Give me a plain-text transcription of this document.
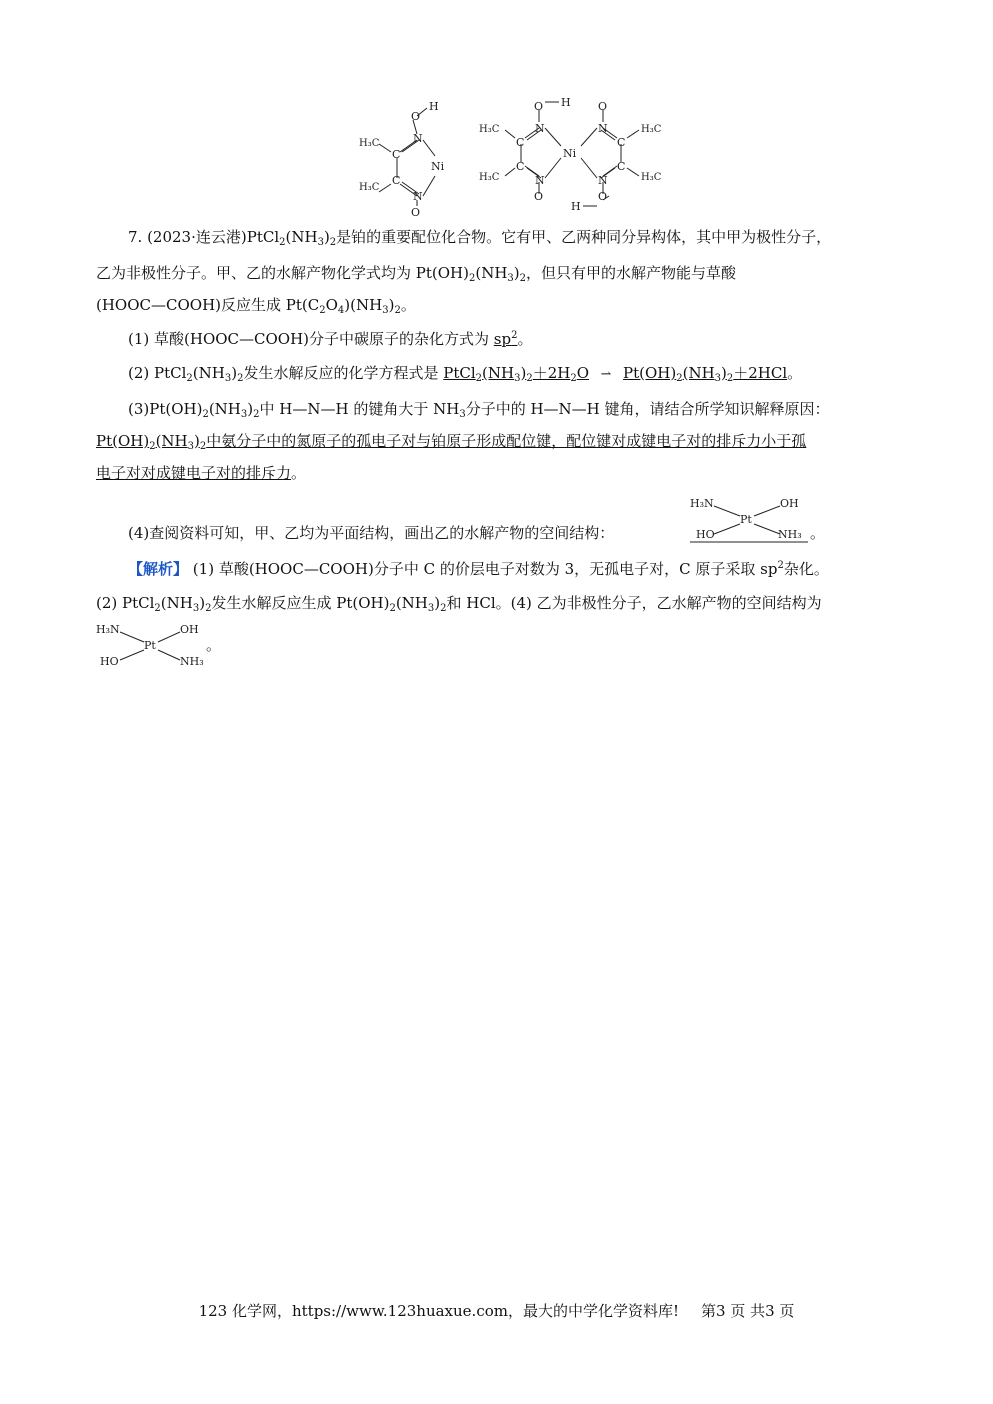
O
H
N
C
H₃C
C
H₃C
N
O
Ni
O H
N
C
H₃C
C
H₃C	N
O
Ni
N
O
C
H₃C
C
H₃C
N
O
H
7. (2023·连云港)$PtCl_2(NH_3)_2$是铂的重要配位化合物。它有甲、乙两种同分异构体，其中甲为极性分子，
乙为非极性分子。甲、乙的水解产物化学式均为 $Pt(OH)_2(NH_3)_2$，但只有甲的水解产物能与草酸
(HOOC—COOH)反应生成 $Pt(C_2O_4)(NH_3)_2$。
(1) 草酸(HOOC—COOH)分子中碳原子的杂化方式为 $sp^2$。
(2) $PtCl_2(NH_3)_2$发生水解反应的化学方程式是 $PtCl_2(NH_3)_2+2H_2O$ ⇀ $Pt(OH)_2(NH_3)_2+2HCl$。
$(3)Pt(OH)_2(NH_3)_2$中 H—N—H 的键角大于 $NH_3$分子中的 H—N—H 键角，请结合所学知识解释原因：
$Pt(OH)_2(NH_3)_2$中氨分子中的氮原子的孤电子对与铂原子形成配位键，配位键对成键电子对的排斥力小于孤
电子对对成键电子对的排斥力。
(4)查阅资料可知，甲、乙均为平面结构，画出乙的水解产物的空间结构：
H₃N	OH
Pt
HO	NH₃ 。
【解析】 (1) 草酸(HOOC—COOH)分子中 C 的价层电子对数为 3，无孤电子对，C 原子采取 $sp^2$杂化。
(2) $PtCl_2(NH_3)_2$发生水解反应生成 $Pt(OH)_2(NH_3)_2$和 HCl。(4) 乙为非极性分子，乙水解产物的空间结构为
H₃N	OH
Pt
HO	NH₃
。
123 化学网，https://www.123huaxue.com，最大的中学化学资料库! 第3 页 共3 页
